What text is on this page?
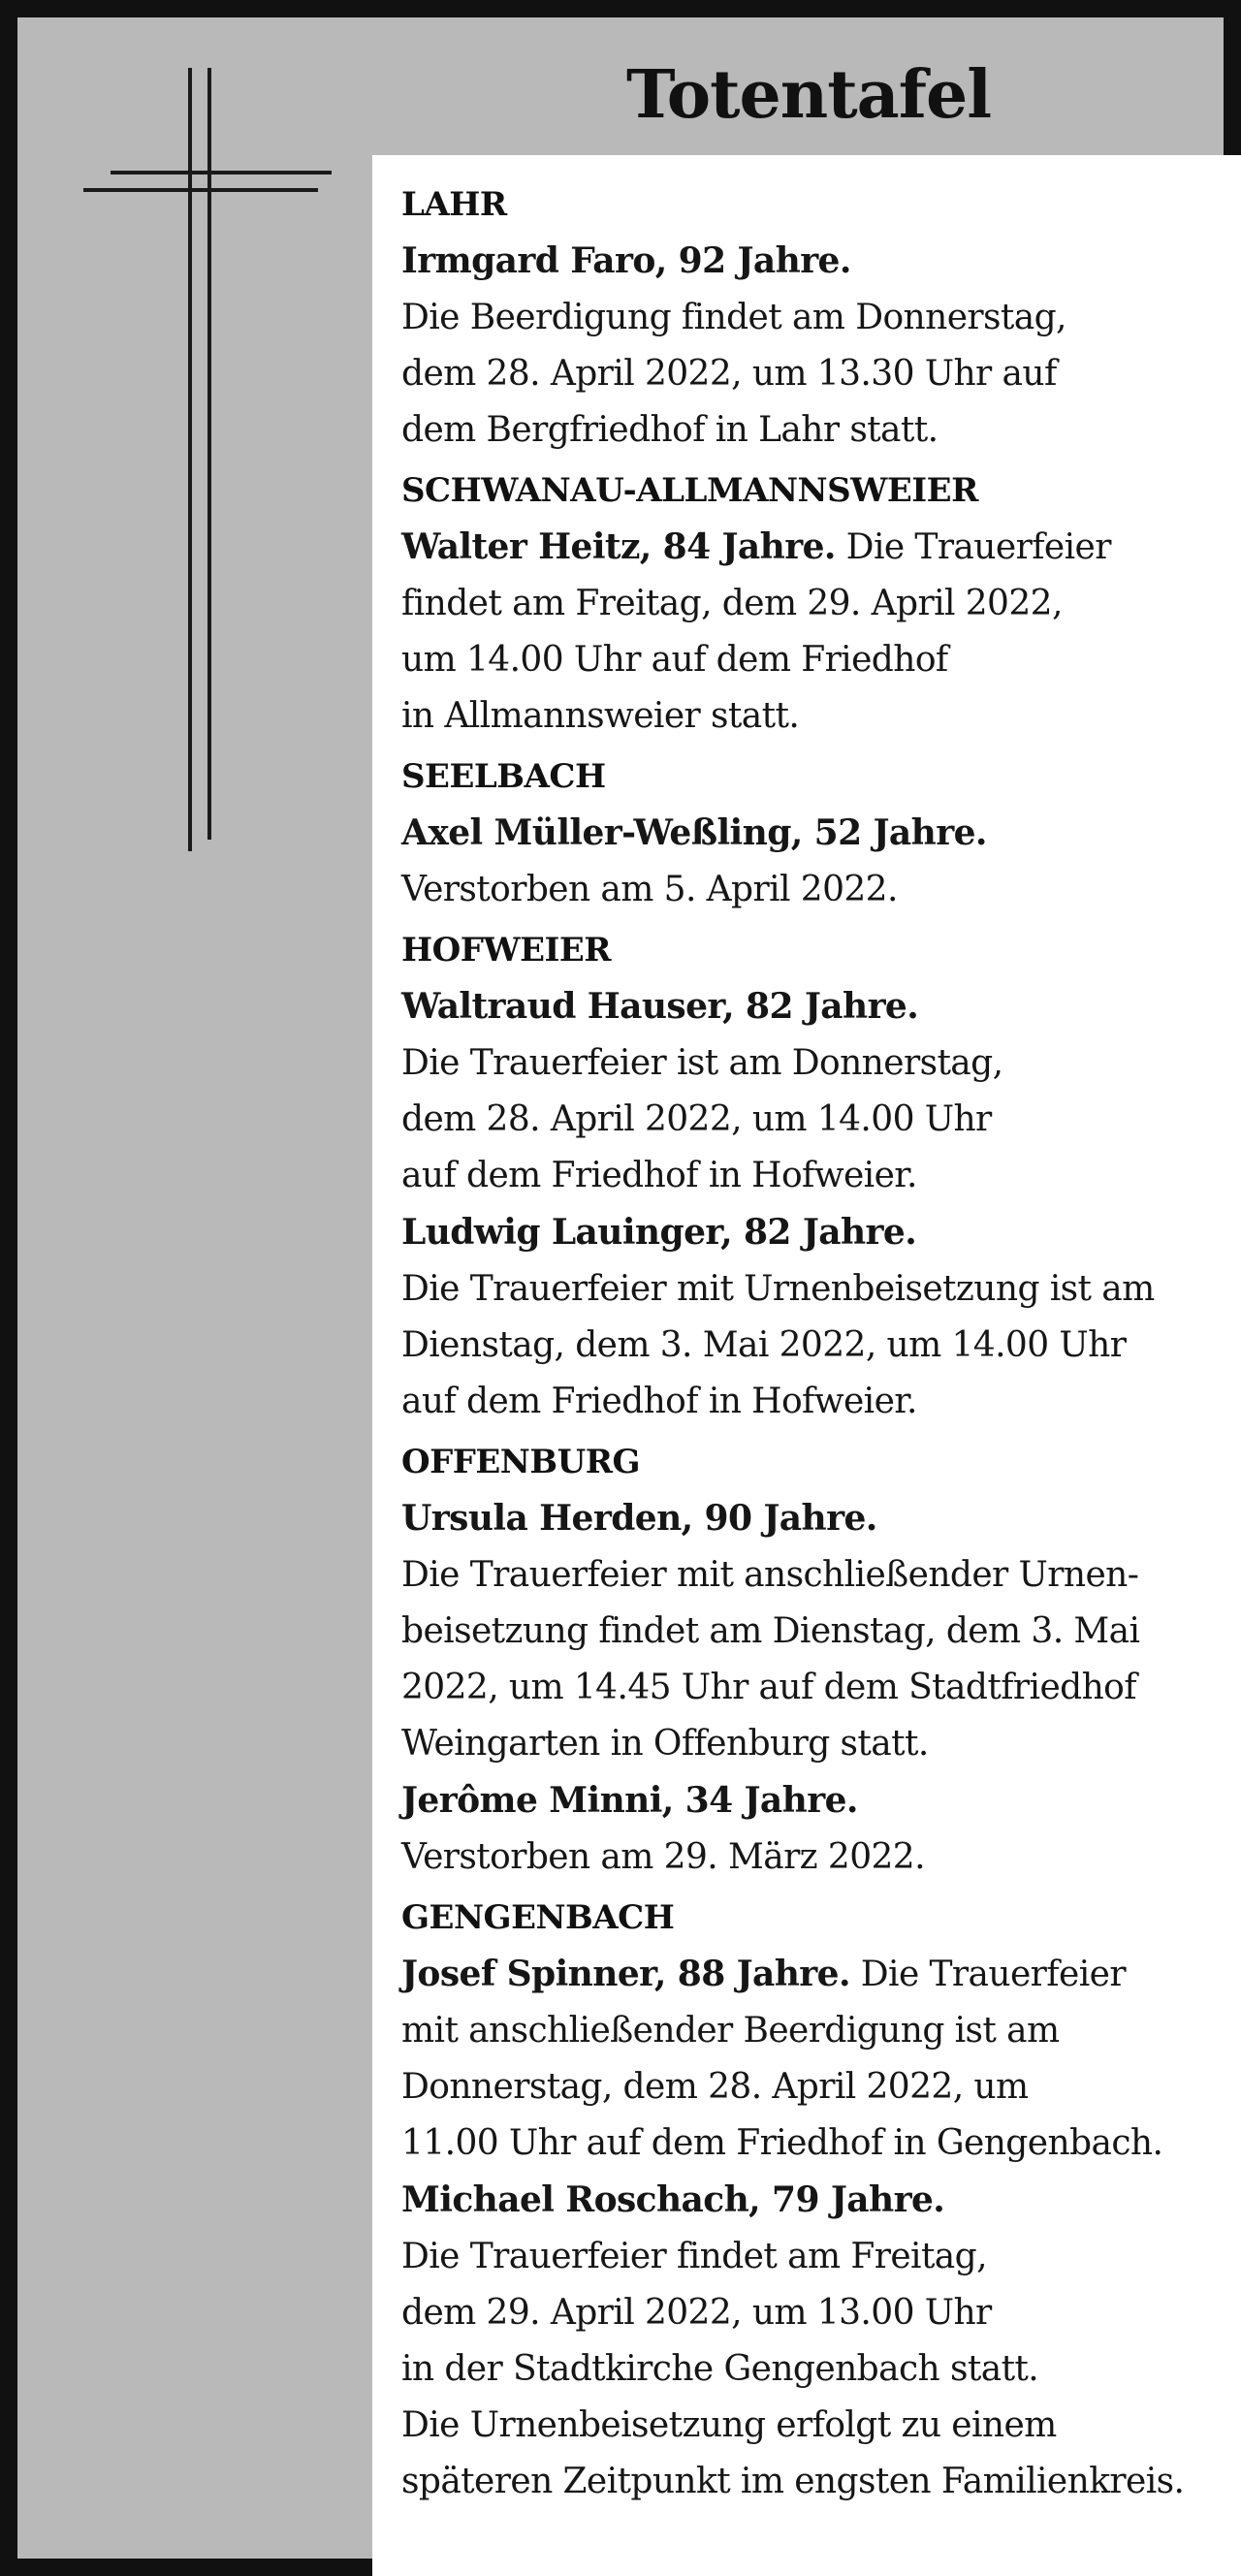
Totentafel
LAHR

Irmgard Faro, 92 Jahre.

Die Beerdigung findet am Donnerstag,

dem 28. April 2022, um 13.30 Uhr auf

dem Bergfriedhof in Lahr statt.

SCHWANAU-ALLMANNSWEIER

Walter Heitz, 84 Jahre. Die Trauerfeier

findet am Freitag, dem 29. April 2022,

um 14.00 Uhr auf dem Friedhof

in Allmannsweier statt.

SEELBACH

Axel Müller-Weßling, 52 Jahre.

Verstorben am 5. April 2022.

HOFWEIER

Waltraud Hauser, 82 Jahre.

Die Trauerfeier ist am Donnerstag,

dem 28. April 2022, um 14.00 Uhr

auf dem Friedhof in Hofweier.

Ludwig Lauinger, 82 Jahre.

Die Trauerfeier mit Urnenbeisetzung ist am

Dienstag, dem 3. Mai 2022, um 14.00 Uhr

auf dem Friedhof in Hofweier.

OFFENBURG

Ursula Herden, 90 Jahre.

Die Trauerfeier mit anschließender Urnen-

beisetzung findet am Dienstag, dem 3. Mai

2022, um 14.45 Uhr auf dem Stadtfriedhof

Weingarten in Offenburg statt.

Jerôme Minni, 34 Jahre.

Verstorben am 29. März 2022.

GENGENBACH

Josef Spinner, 88 Jahre. Die Trauerfeier

mit anschließender Beerdigung ist am

Donnerstag, dem 28. April 2022, um

11.00 Uhr auf dem Friedhof in Gengenbach.

Michael Roschach, 79 Jahre.

Die Trauerfeier findet am Freitag,

dem 29. April 2022, um 13.00 Uhr

in der Stadtkirche Gengenbach statt.

Die Urnenbeisetzung erfolgt zu einem

späteren Zeitpunkt im engsten Familienkreis.
